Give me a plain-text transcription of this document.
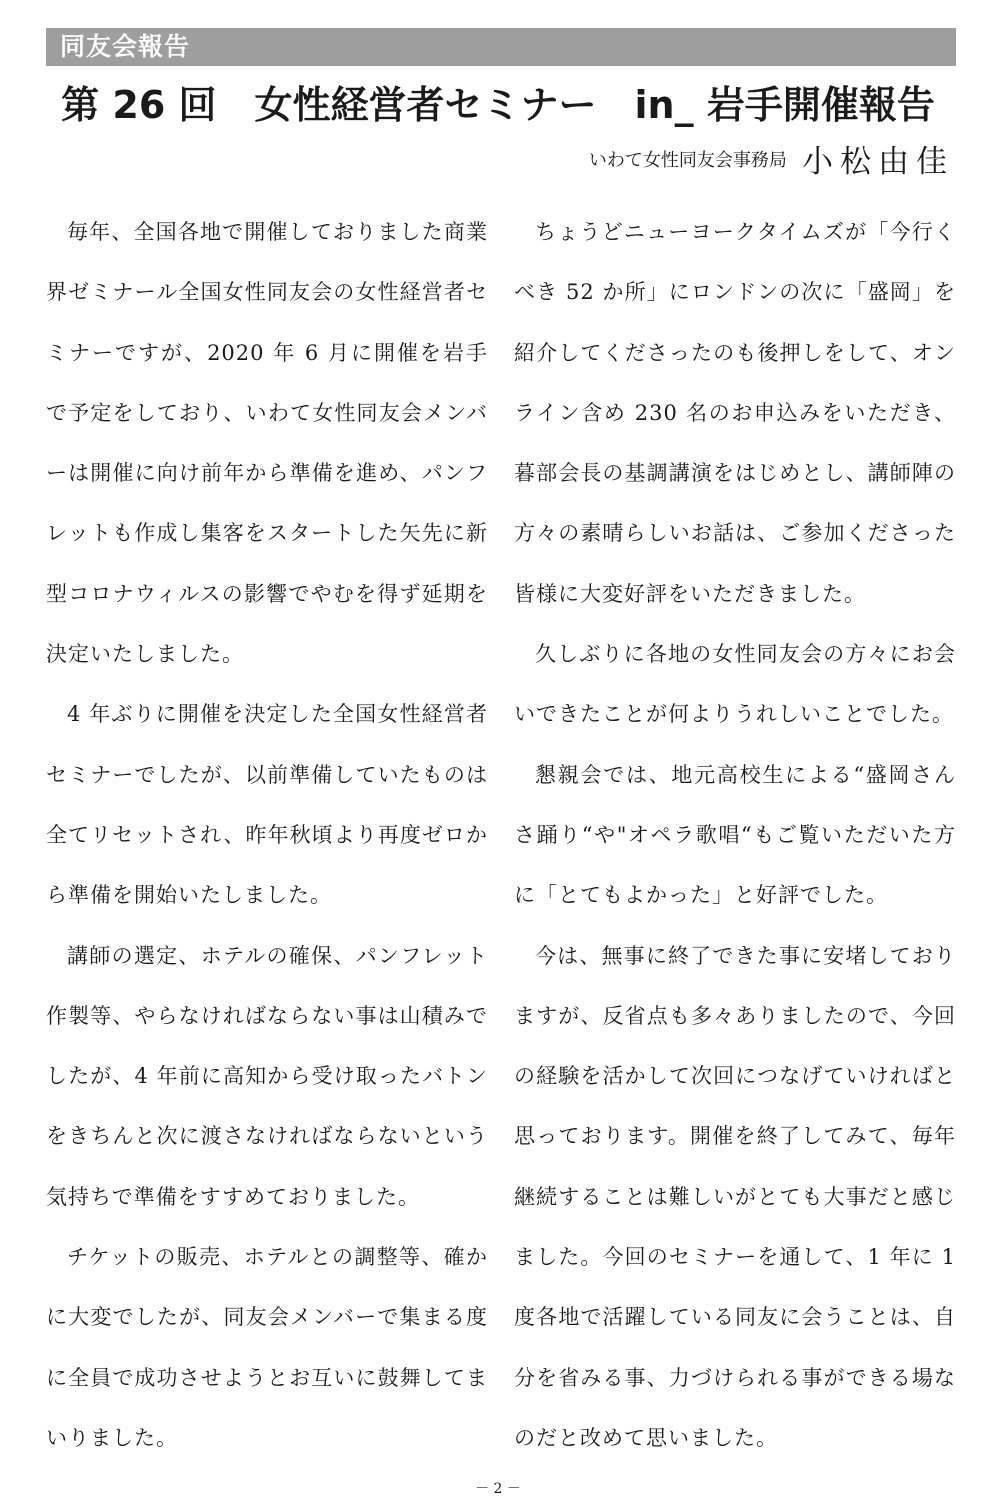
同友会報告
第 26 回　女性経営者セミナー　in_ 岩手開催報告
いわて女性同友会事務局 小松由佳

毎年、全国各地で開催しておりました商業界ゼミナール全国女性同友会の女性経営者セミナーですが、2020 年 6 月に開催を岩手で予定をしており、いわて女性同友会メンバーは開催に向け前年から準備を進め、パンフレットも作成し集客をスタートした矢先に新型コロナウィルスの影響でやむを得ず延期を決定いたしました。

4 年ぶりに開催を決定した全国女性経営者セミナーでしたが、以前準備していたものは全てリセットされ、昨年秋頃より再度ゼロから準備を開始いたしました。

講師の選定、ホテルの確保、パンフレット作製等、やらなければならない事は山積みでしたが、4 年前に高知から受け取ったバトンをきちんと次に渡さなければならないという気持ちで準備をすすめておりました。

チケットの販売、ホテルとの調整等、確かに大変でしたが、同友会メンバーで集まる度に全員で成功させようとお互いに鼓舞してまいりました。

ちょうどニューヨークタイムズが「今行くべき 52 か所」にロンドンの次に「盛岡」を紹介してくださったのも後押しをして、オンライン含め 230 名のお申込みをいただき、暮部会長の基調講演をはじめとし、講師陣の方々の素晴らしいお話は、ご参加くださった皆様に大変好評をいただきました。

久しぶりに各地の女性同友会の方々にお会いできたことが何よりうれしいことでした。

懇親会では、地元高校生による“盛岡さんさ踊り“や"オペラ歌唱“もご覧いただいた方に「とてもよかった」と好評でした。

今は、無事に終了できた事に安堵しておりますが、反省点も多々ありましたので、今回の経験を活かして次回につなげていければと思っております。開催を終了してみて、毎年継続することは難しいがとても大事だと感じました。今回のセミナーを通して、1 年に 1 度各地で活躍している同友に会うことは、自分を省みる事、力づけられる事ができる場なのだと改めて思いました。

－ 2 －
